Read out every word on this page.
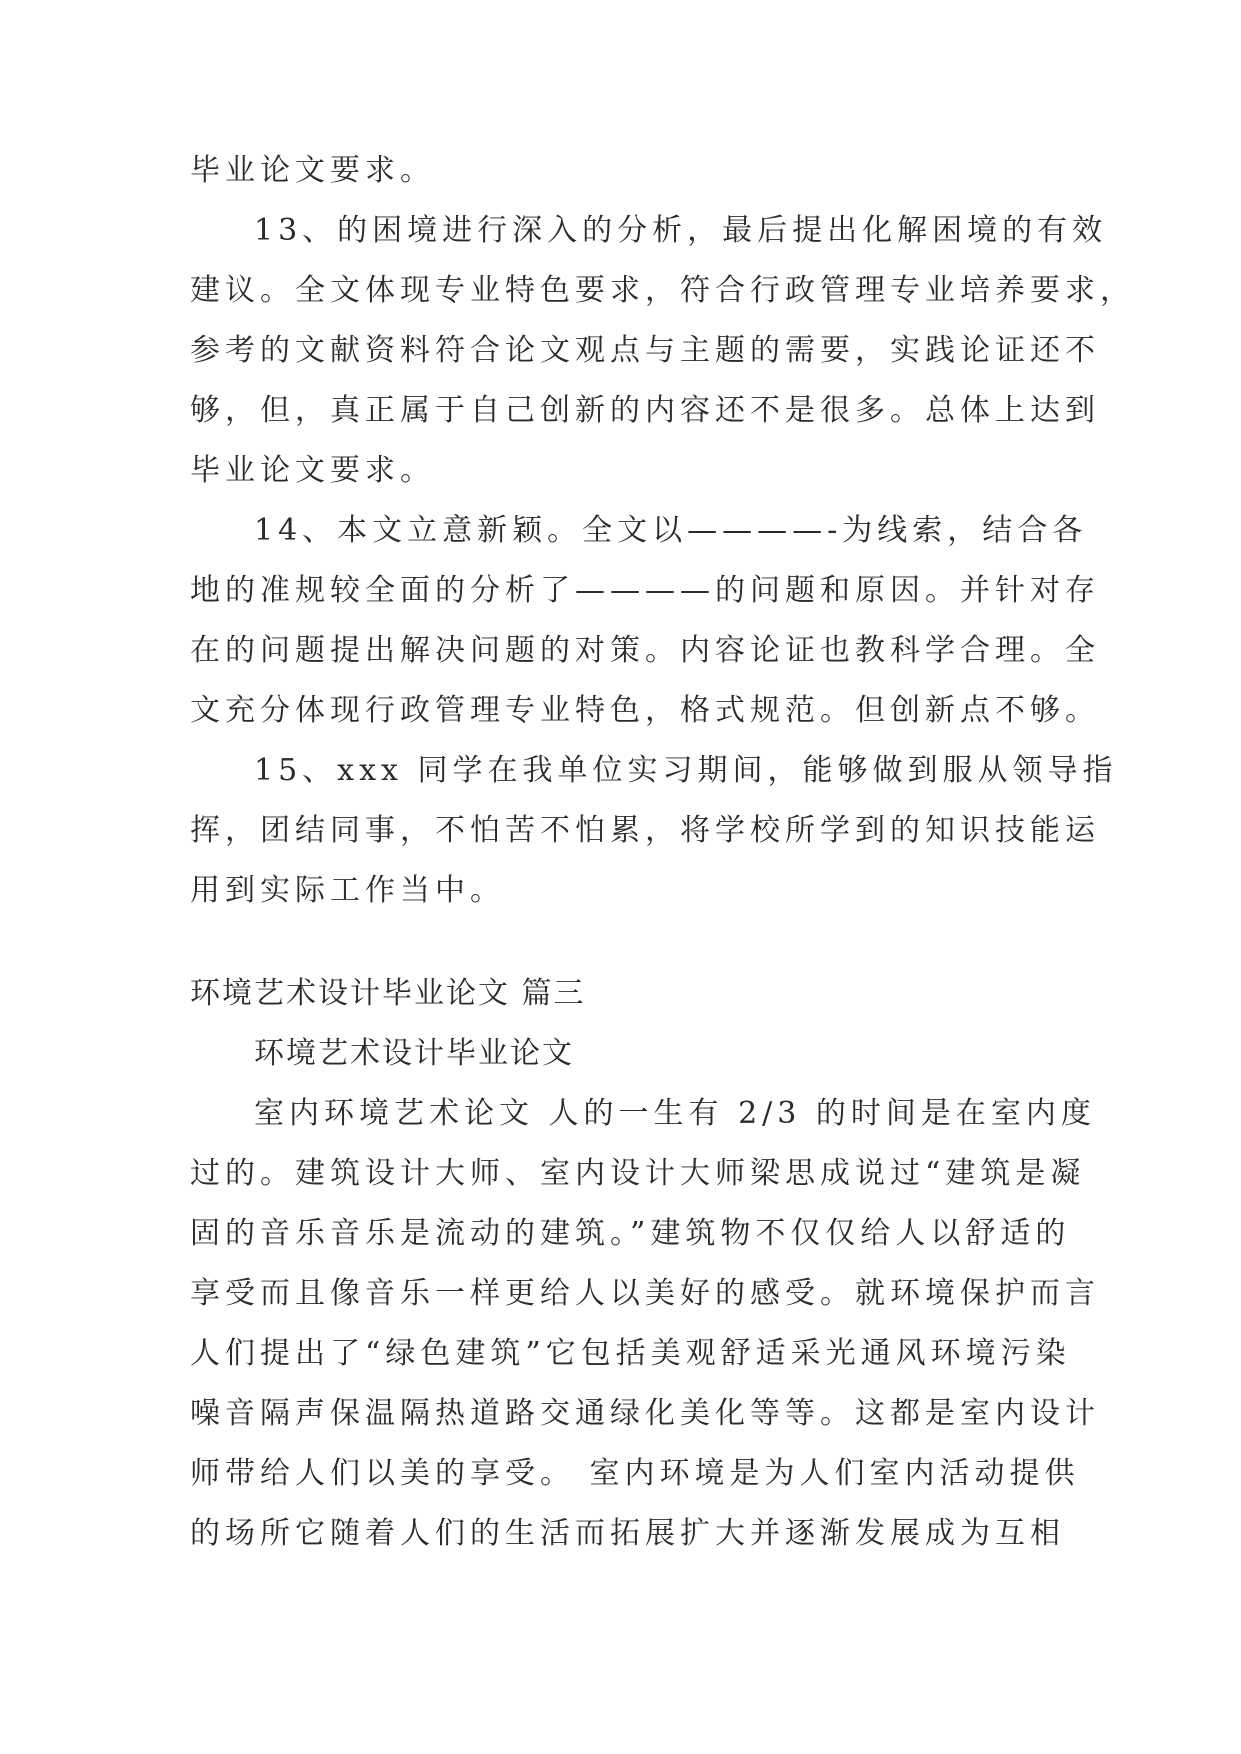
毕业论文要求。

13、的困境进行深入的分析，最后提出化解困境的有效

建议。全文体现专业特色要求，符合行政管理专业培养要求，

参考的文献资料符合论文观点与主题的需要，实践论证还不

够，但，真正属于自己创新的内容还不是很多。总体上达到

毕业论文要求。

14、本文立意新颖。全文以————-为线索，结合各

地的准规较全面的分析了————的问题和原因。并针对存

在的问题提出解决问题的对策。内容论证也教科学合理。全

文充分体现行政管理专业特色，格式规范。但创新点不够。

15、xxx 同学在我单位实习期间，能够做到服从领导指

挥，团结同事，不怕苦不怕累，将学校所学到的知识技能运

用到实际工作当中。

环境艺术设计毕业论文 篇三

环境艺术设计毕业论文

室内环境艺术论文 人的一生有 2/3 的时间是在室内度

过的。建筑设计大师、室内设计大师梁思成说过“建筑是凝

固的音乐音乐是流动的建筑。”建筑物不仅仅给人以舒适的

享受而且像音乐一样更给人以美好的感受。就环境保护而言

人们提出了“绿色建筑”它包括美观舒适采光通风环境污染

噪音隔声保温隔热道路交通绿化美化等等。这都是室内设计

师带给人们以美的享受。 室内环境是为人们室内活动提供

的场所它随着人们的生活而拓展扩大并逐渐发展成为互相
